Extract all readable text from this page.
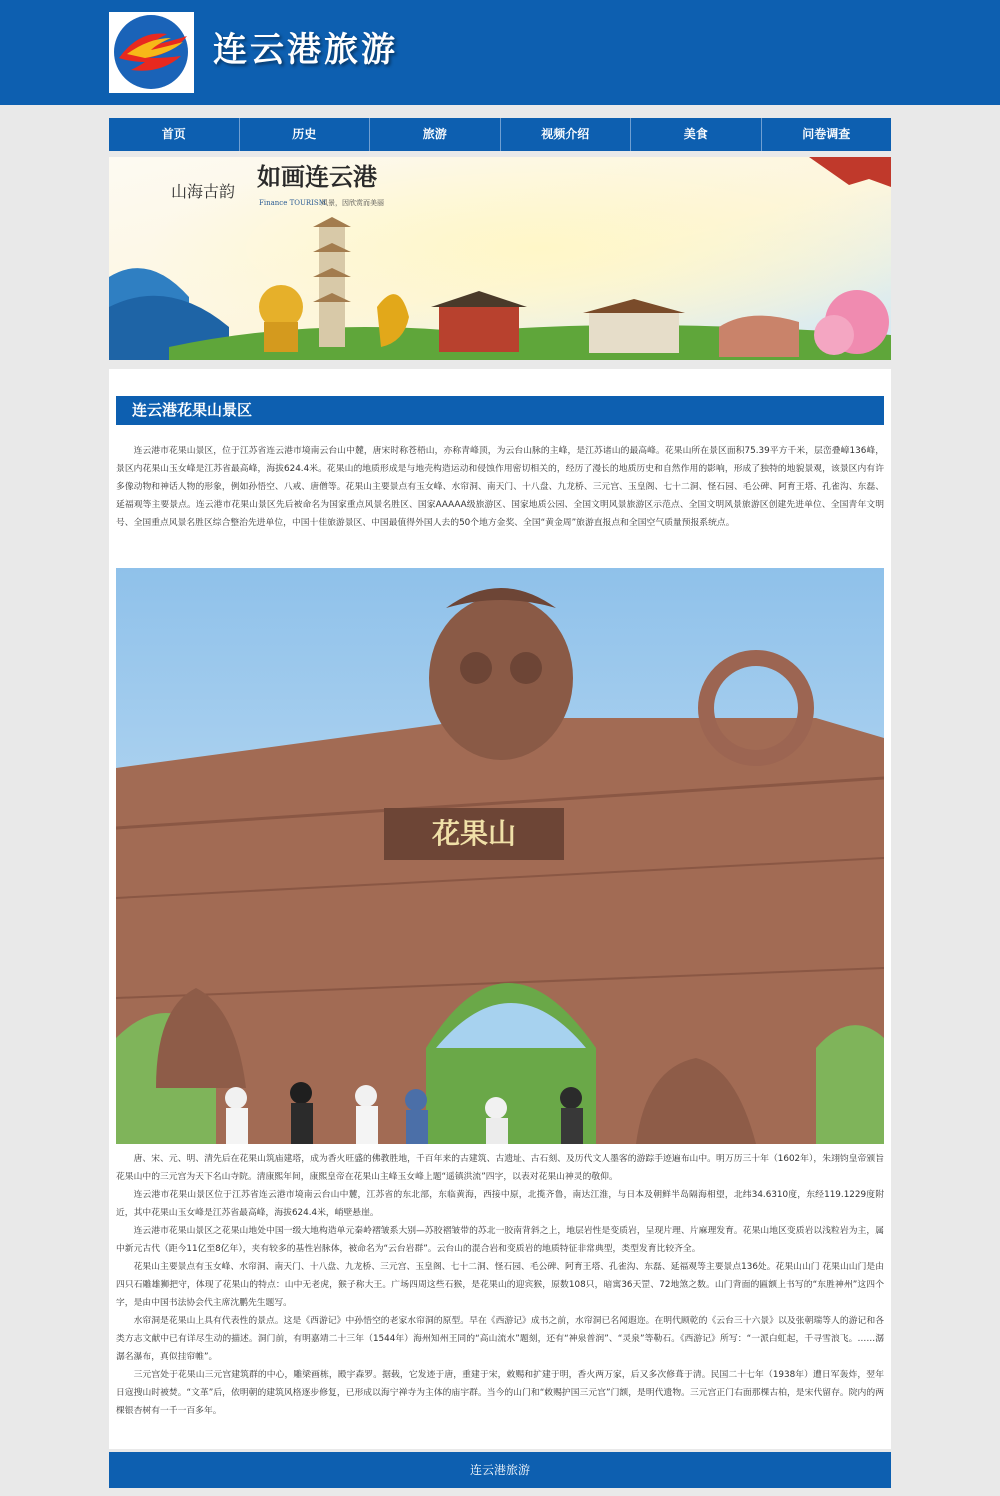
连云港旅游
首页	历史	旅游	视频介绍	美食	问卷调查
如画连云港
山海古韵
Finance TOURISM
风景，因欣赏而美丽
连云港花果山景区

连云港市花果山景区，位于江苏省连云港市境南云台山中麓，唐宋时称苍梧山，亦称青峰顶，为云台山脉的主峰，是江苏诸山的最高峰。花果山所在景区面积75.39平方千米，层峦叠嶂136峰，景区内花果山玉女峰是江苏省最高峰，海拔624.4米。花果山的地质形成是与地壳构造运动和侵蚀作用密切相关的，经历了漫长的地质历史和自然作用的影响，形成了独特的地貌景观，该景区内有许多像动物和神话人物的形象，例如孙悟空、八戒、唐僧等。花果山主要景点有玉女峰、水帘洞、南天门、十八盘、九龙桥、三元宫、玉皇阁、七十二洞、怪石园、毛公碑、阿育王塔、孔雀沟、东磊、延福观等主要景点。连云港市花果山景区先后被命名为国家重点风景名胜区、国家AAAAA级旅游区、国家地质公园、全国文明风景旅游区示范点、全国文明风景旅游区创建先进单位、全国青年文明号、全国重点风景名胜区综合整治先进单位，中国十佳旅游景区、中国最值得外国人去的50个地方金奖、全国“黄金周”旅游直报点和全国空气质量预报系统点。

花果山

唐、宋、元、明、清先后在花果山筑庙建塔，成为香火旺盛的佛教胜地，千百年来的古建筑、古遗址、古石刻、及历代文人墨客的游踪手迹遍布山中。明万历三十年（1602年），朱翊钧皇帝颁旨花果山中的三元宫为天下名山寺院。清康熙年间，康熙皇帝在花果山主峰玉女峰上题“遥镇洪流”四字，以表对花果山神灵的敬仰。

连云港市花果山景区位于江苏省连云港市境南云台山中麓，江苏省的东北部，东临黄海，西接中原，北揽齐鲁，南达江淮，与日本及朝鲜半岛隔海相望，北纬34.6310度，东经119.1229度附近，其中花果山玉女峰是江苏省最高峰，海拔624.4米，峭壁悬崖。

连云港市花果山景区之花果山地处中国一级大地构造单元秦岭褶皱系大别—苏胶褶皱带的苏北一胶南背斜之上，地层岩性是变质岩，呈现片理、片麻理发育。花果山地区变质岩以浅粒岩为主，属中新元古代（距今11亿至8亿年），夹有较多的基性岩脉体，被命名为“云台岩群”。云台山的混合岩和变质岩的地质特征非常典型，类型发育比较齐全。

花果山主要景点有玉女峰、水帘洞、南天门、十八盘、九龙桥、三元宫、玉皇阁、七十二洞、怪石园、毛公碑、阿育王塔、孔雀沟、东磊、延福观等主要景点136处。花果山山门 花果山山门是由四只石雕雄狮把守，体现了花果山的特点：山中无老虎，猴子称大王。广场四周这些石猴，是花果山的迎宾猴，原数108只，暗寓36天罡、72地煞之数。山门背面的匾额上书写的“东胜神州”这四个字，是由中国书法协会代主席沈鹏先生题写。

水帘洞是花果山上具有代表性的景点。这是《西游记》中孙悟空的老家水帘洞的原型。早在《西游记》成书之前，水帘洞已名闻遐迩。在明代顾乾的《云台三十六景》以及张朝瑞等人的游记和各类方志文献中已有详尽生动的描述。洞门前，有明嘉靖二十三年（1544年）海州知州王同的“高山流水”题刻，还有“神泉普润”、“灵泉”等勒石。《西游记》所写：“一派白虹起，千寻雪浪飞。……潺潺名瀑布，真似挂帘帷”。

三元宫处于花果山三元宫建筑群的中心，雕梁画栋，殿宇森罗。据载，它发迹于唐，重建于宋，敕赐和扩建于明，香火两万家，后又多次修葺于清。民国二十七年（1938年）遭日军轰炸，翌年日寇搜山时被焚。“文革”后，依明朝的建筑风格逐步修复，已形成以海宁禅寺为主体的庙宇群。当今的山门和“敕赐护国三元宫”门额，是明代遗物。三元宫正门右面那棵古柏，是宋代留存。院内的两棵银杏树有一千一百多年。

连云港旅游
